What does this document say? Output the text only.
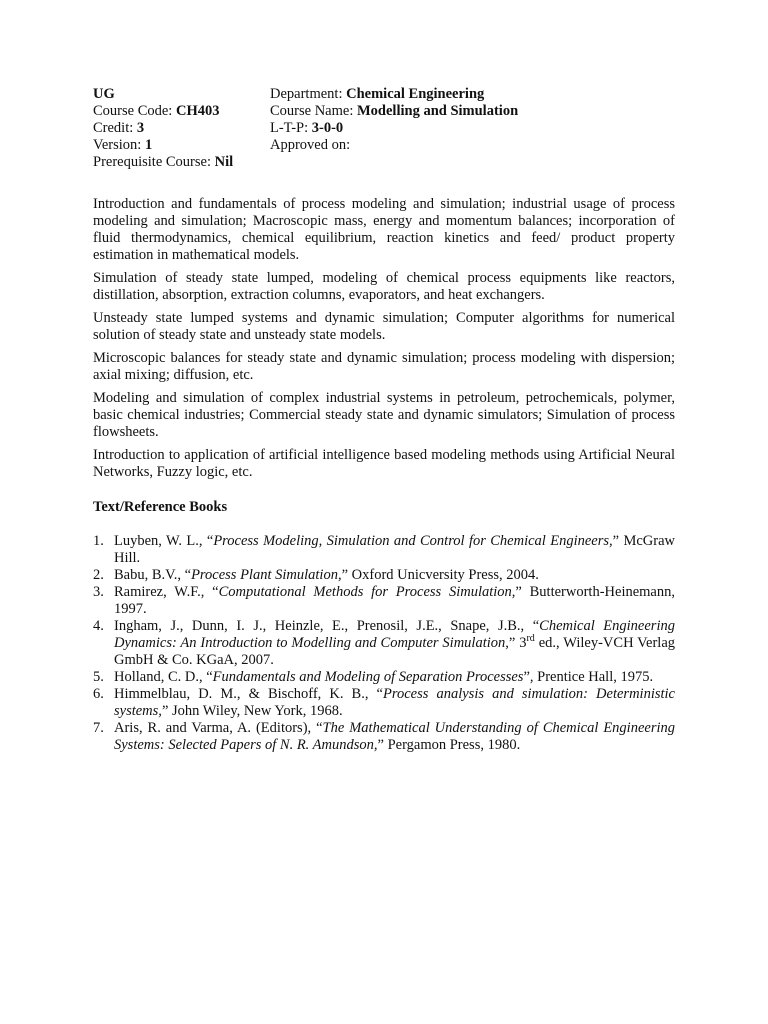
UG
Course Code: CH403
Credit: 3
Version: 1
Prerequisite Course: Nil
Department: Chemical Engineering
Course Name: Modelling and Simulation
L-T-P: 3-0-0
Approved on:

Introduction and fundamentals of process modeling and simulation; industrial usage of process modeling and simulation; Macroscopic mass, energy and momentum balances; incorporation of fluid thermodynamics, chemical equilibrium, reaction kinetics and feed/ product property estimation in mathematical models.

Simulation of steady state lumped, modeling of chemical process equipments like reactors, distillation, absorption, extraction columns, evaporators, and heat exchangers.

Unsteady state lumped systems and dynamic simulation; Computer algorithms for numerical solution of steady state and unsteady state models.

Microscopic balances for steady state and dynamic simulation; process modeling with dispersion; axial mixing; diffusion, etc.

Modeling and simulation of complex industrial systems in petroleum, petrochemicals, polymer, basic chemical industries; Commercial steady state and dynamic simulators; Simulation of process flowsheets.

Introduction to application of artificial intelligence based modeling methods using Artificial Neural Networks, Fuzzy logic, etc.

Text/Reference Books
1. Luyben, W. L., “Process Modeling, Simulation and Control for Chemical Engineers,” McGraw Hill.
2. Babu, B.V., “Process Plant Simulation,” Oxford Unicversity Press, 2004.
3. Ramirez, W.F., “Computational Methods for Process Simulation,” Butterworth-Heinemann, 1997.
4. Ingham, J., Dunn, I. J., Heinzle, E., Prenosil, J.E., Snape, J.B., “Chemical Engineering Dynamics: An Introduction to Modelling and Computer Simulation,” 3rd ed., Wiley-VCH Verlag GmbH & Co. KGaA, 2007.
5. Holland, C. D., “Fundamentals and Modeling of Separation Processes”, Prentice Hall, 1975.
6. Himmelblau, D. M., & Bischoff, K. B., “Process analysis and simulation: Deterministic systems,” John Wiley, New York, 1968.
7. Aris, R. and Varma, A. (Editors), “The Mathematical Understanding of Chemical Engineering Systems: Selected Papers of N. R. Amundson,” Pergamon Press, 1980.
